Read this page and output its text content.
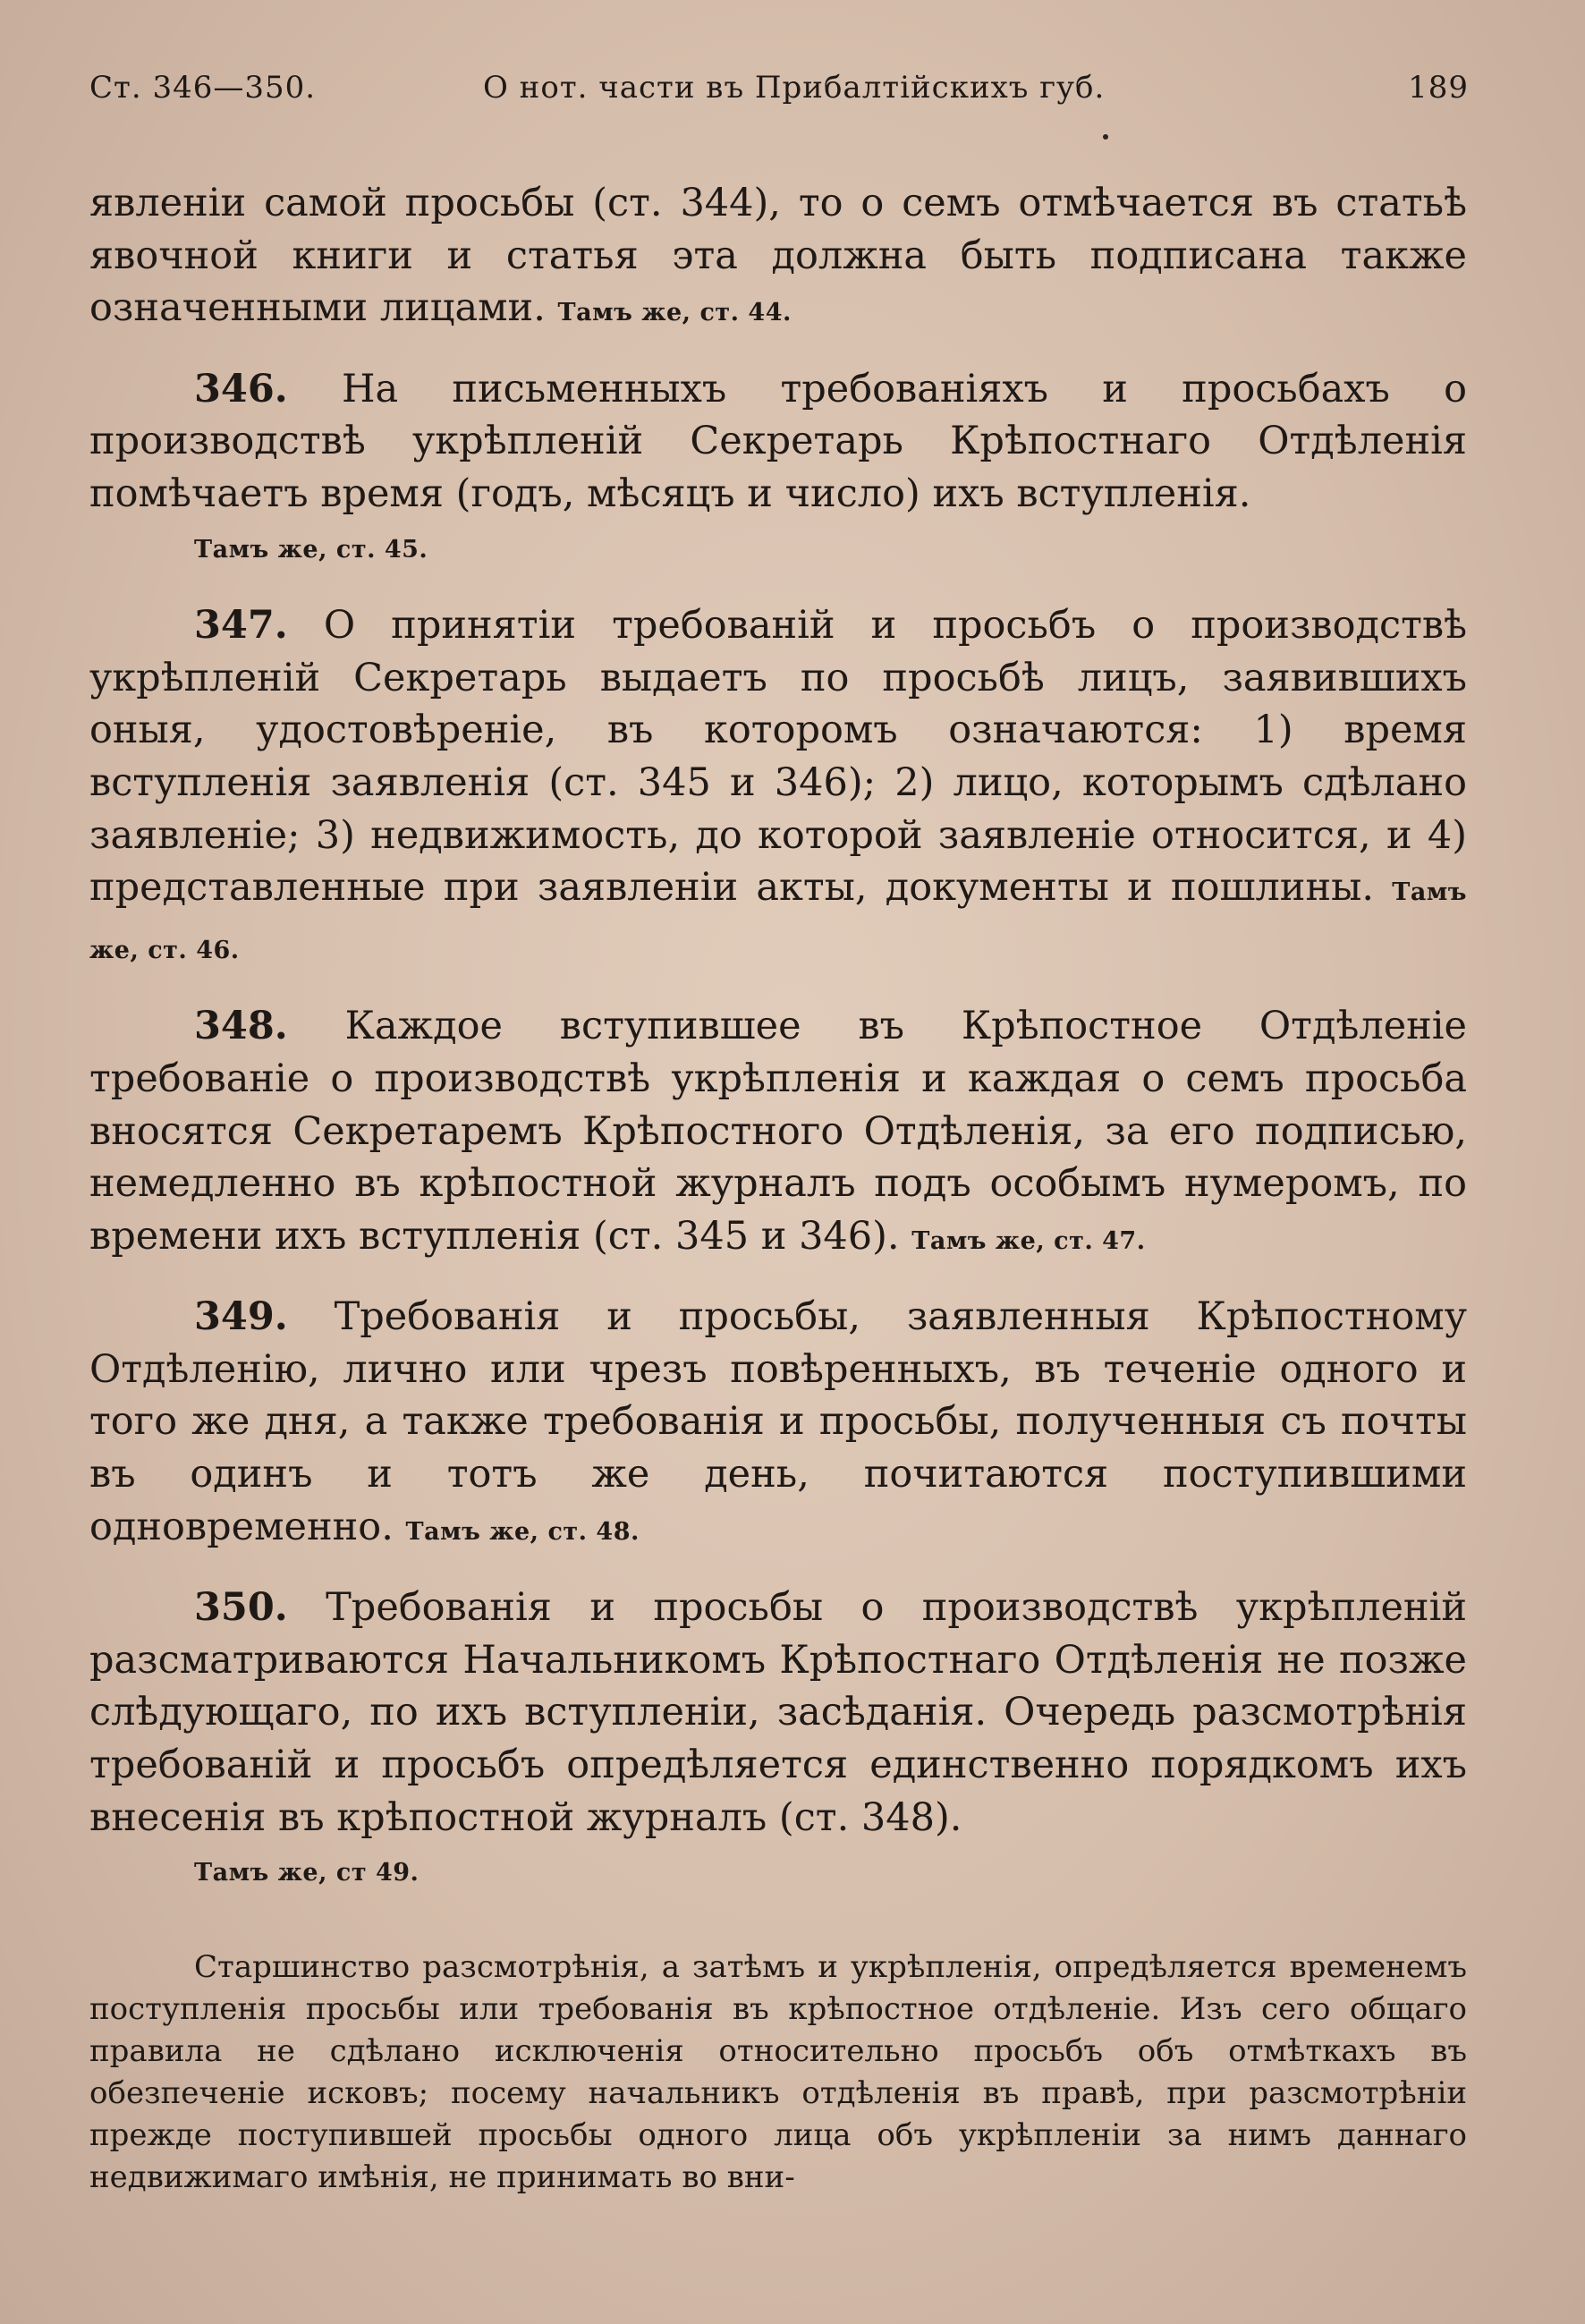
Ст. 346—350.	О нот. части въ Прибалтійскихъ губ.	189

явленіи самой просьбы (ст. 344), то о семъ отмѣчается въ статьѣ явочной книги и статья эта должна быть подписана также означенными лицами. Тамъ же, ст. 44.

346. На письменныхъ требованіяхъ и просьбахъ о производствѣ укрѣпленій Секретарь Крѣпостнаго Отдѣленія помѣчаетъ время (годъ, мѣсяцъ и число) ихъ вступленія.
Тамъ же, ст. 45.

347. О принятіи требованій и просьбъ о производствѣ укрѣпленій Секретарь выдаетъ по просьбѣ лицъ, заявившихъ оныя, удостовѣреніе, въ которомъ означаются: 1) время вступленія заявленія (ст. 345 и 346); 2) лицо, которымъ сдѣлано заявленіе; 3) недвижимость, до которой заявленіе относится, и 4) представленные при заявленіи акты, документы и пошлины. Тамъ же, ст. 46.

348. Каждое вступившее въ Крѣпостное Отдѣленіе требованіе о производствѣ укрѣпленія и каждая о семъ просьба вносятся Секретаремъ Крѣпостного Отдѣленія, за его подписью, немедленно въ крѣпостной журналъ подъ особымъ нумеромъ, по времени ихъ вступленія (ст. 345 и 346). Тамъ же, ст. 47.

349. Требованія и просьбы, заявленныя Крѣпостному Отдѣленію, лично или чрезъ повѣренныхъ, въ теченіе одного и того же дня, а также требованія и просьбы, полученныя съ почты въ одинъ и тотъ же день, почитаются поступившими одновременно. Тамъ же, ст. 48.

350. Требованія и просьбы о производствѣ укрѣпленій разсматриваются Начальникомъ Крѣпостнаго Отдѣленія не позже слѣдующаго, по ихъ вступленіи, засѣданія. Очередь разсмотрѣнія требованій и просьбъ опредѣляется единственно порядкомъ ихъ внесенія въ крѣпостной журналъ (ст. 348).
Тамъ же, ст 49.

Старшинство разсмотрѣнія, а затѣмъ и укрѣпленія, опредѣляется временемъ поступленія просьбы или требованія въ крѣпостное отдѣленіе. Изъ сего общаго правила не сдѣлано исключенія относительно просьбъ объ отмѣткахъ въ обезпеченіе исковъ; посему начальникъ отдѣленія въ правѣ, при разсмотрѣніи прежде поступившей просьбы одного лица объ укрѣпленіи за нимъ даннаго недвижимаго имѣнія, не принимать во вни-
